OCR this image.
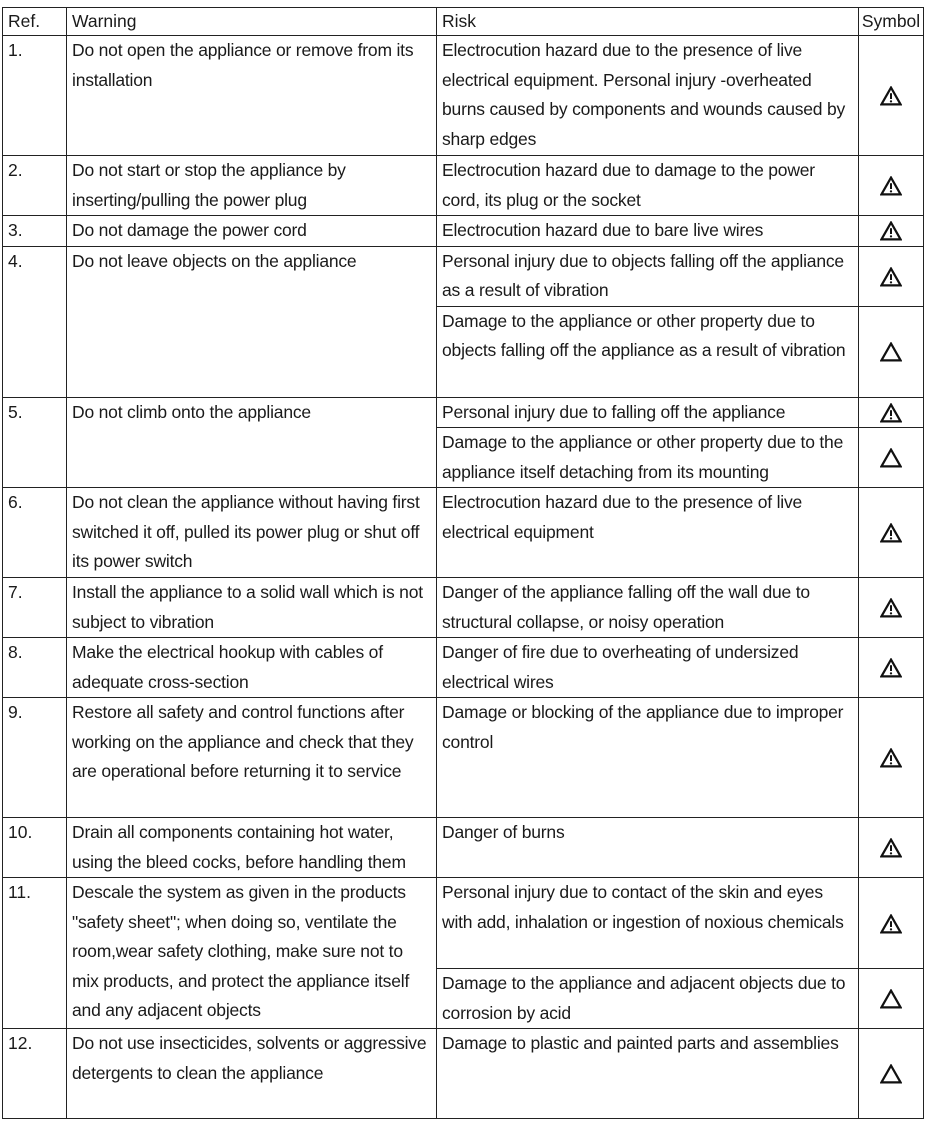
Ref.	Warning	Risk	Symbol
1.	Do not open the appliance or remove from its installation	Electrocution hazard due to the presence of live electrical equipment. Personal injury -overheated burns caused by components and wounds caused by sharp edges

2.	Do not start or stop the appliance by inserting/pulling the power plug	Electrocution hazard due to damage to the power cord, its plug or the socket

3.	Do not damage the power cord	Electrocution hazard due to bare live wires

4.	Do not leave objects on the appliance	Personal injury due to objects falling off the appliance as a result of vibration

		Damage to the appliance or other property due to objects falling off the appliance as a result of vibration

5.	Do not climb onto the appliance	Personal injury due to falling off the appliance

		Damage to the appliance or other property due to the appliance itself detaching from its mounting

6.	Do not clean the appliance without having first switched it off, pulled its power plug or shut off its power switch	Electrocution hazard due to the presence of live electrical equipment

7.	Install the appliance to a solid wall which is not subject to vibration	Danger of the appliance falling off the wall due to structural collapse, or noisy operation

8.	Make the electrical hookup with cables of adequate cross-section	Danger of fire due to overheating of undersized electrical wires

9.	Restore all safety and control functions after working on the appliance and check that they are operational before returning it to service	Damage or blocking of the appliance due to improper control

10.	Drain all components containing hot water, using the bleed cocks, before handling them	Danger of burns

11.	Descale the system as given in the products "safety sheet"; when doing so, ventilate the room,wear safety clothing, make sure not to mix products, and protect the appliance itself and any adjacent objects	Personal injury due to contact of the skin and eyes with add, inhalation or ingestion of noxious chemicals

		Damage to the appliance and adjacent objects due to corrosion by acid

12.	Do not use insecticides, solvents or aggressive detergents to clean the appliance	Damage to plastic and painted parts and assemblies
